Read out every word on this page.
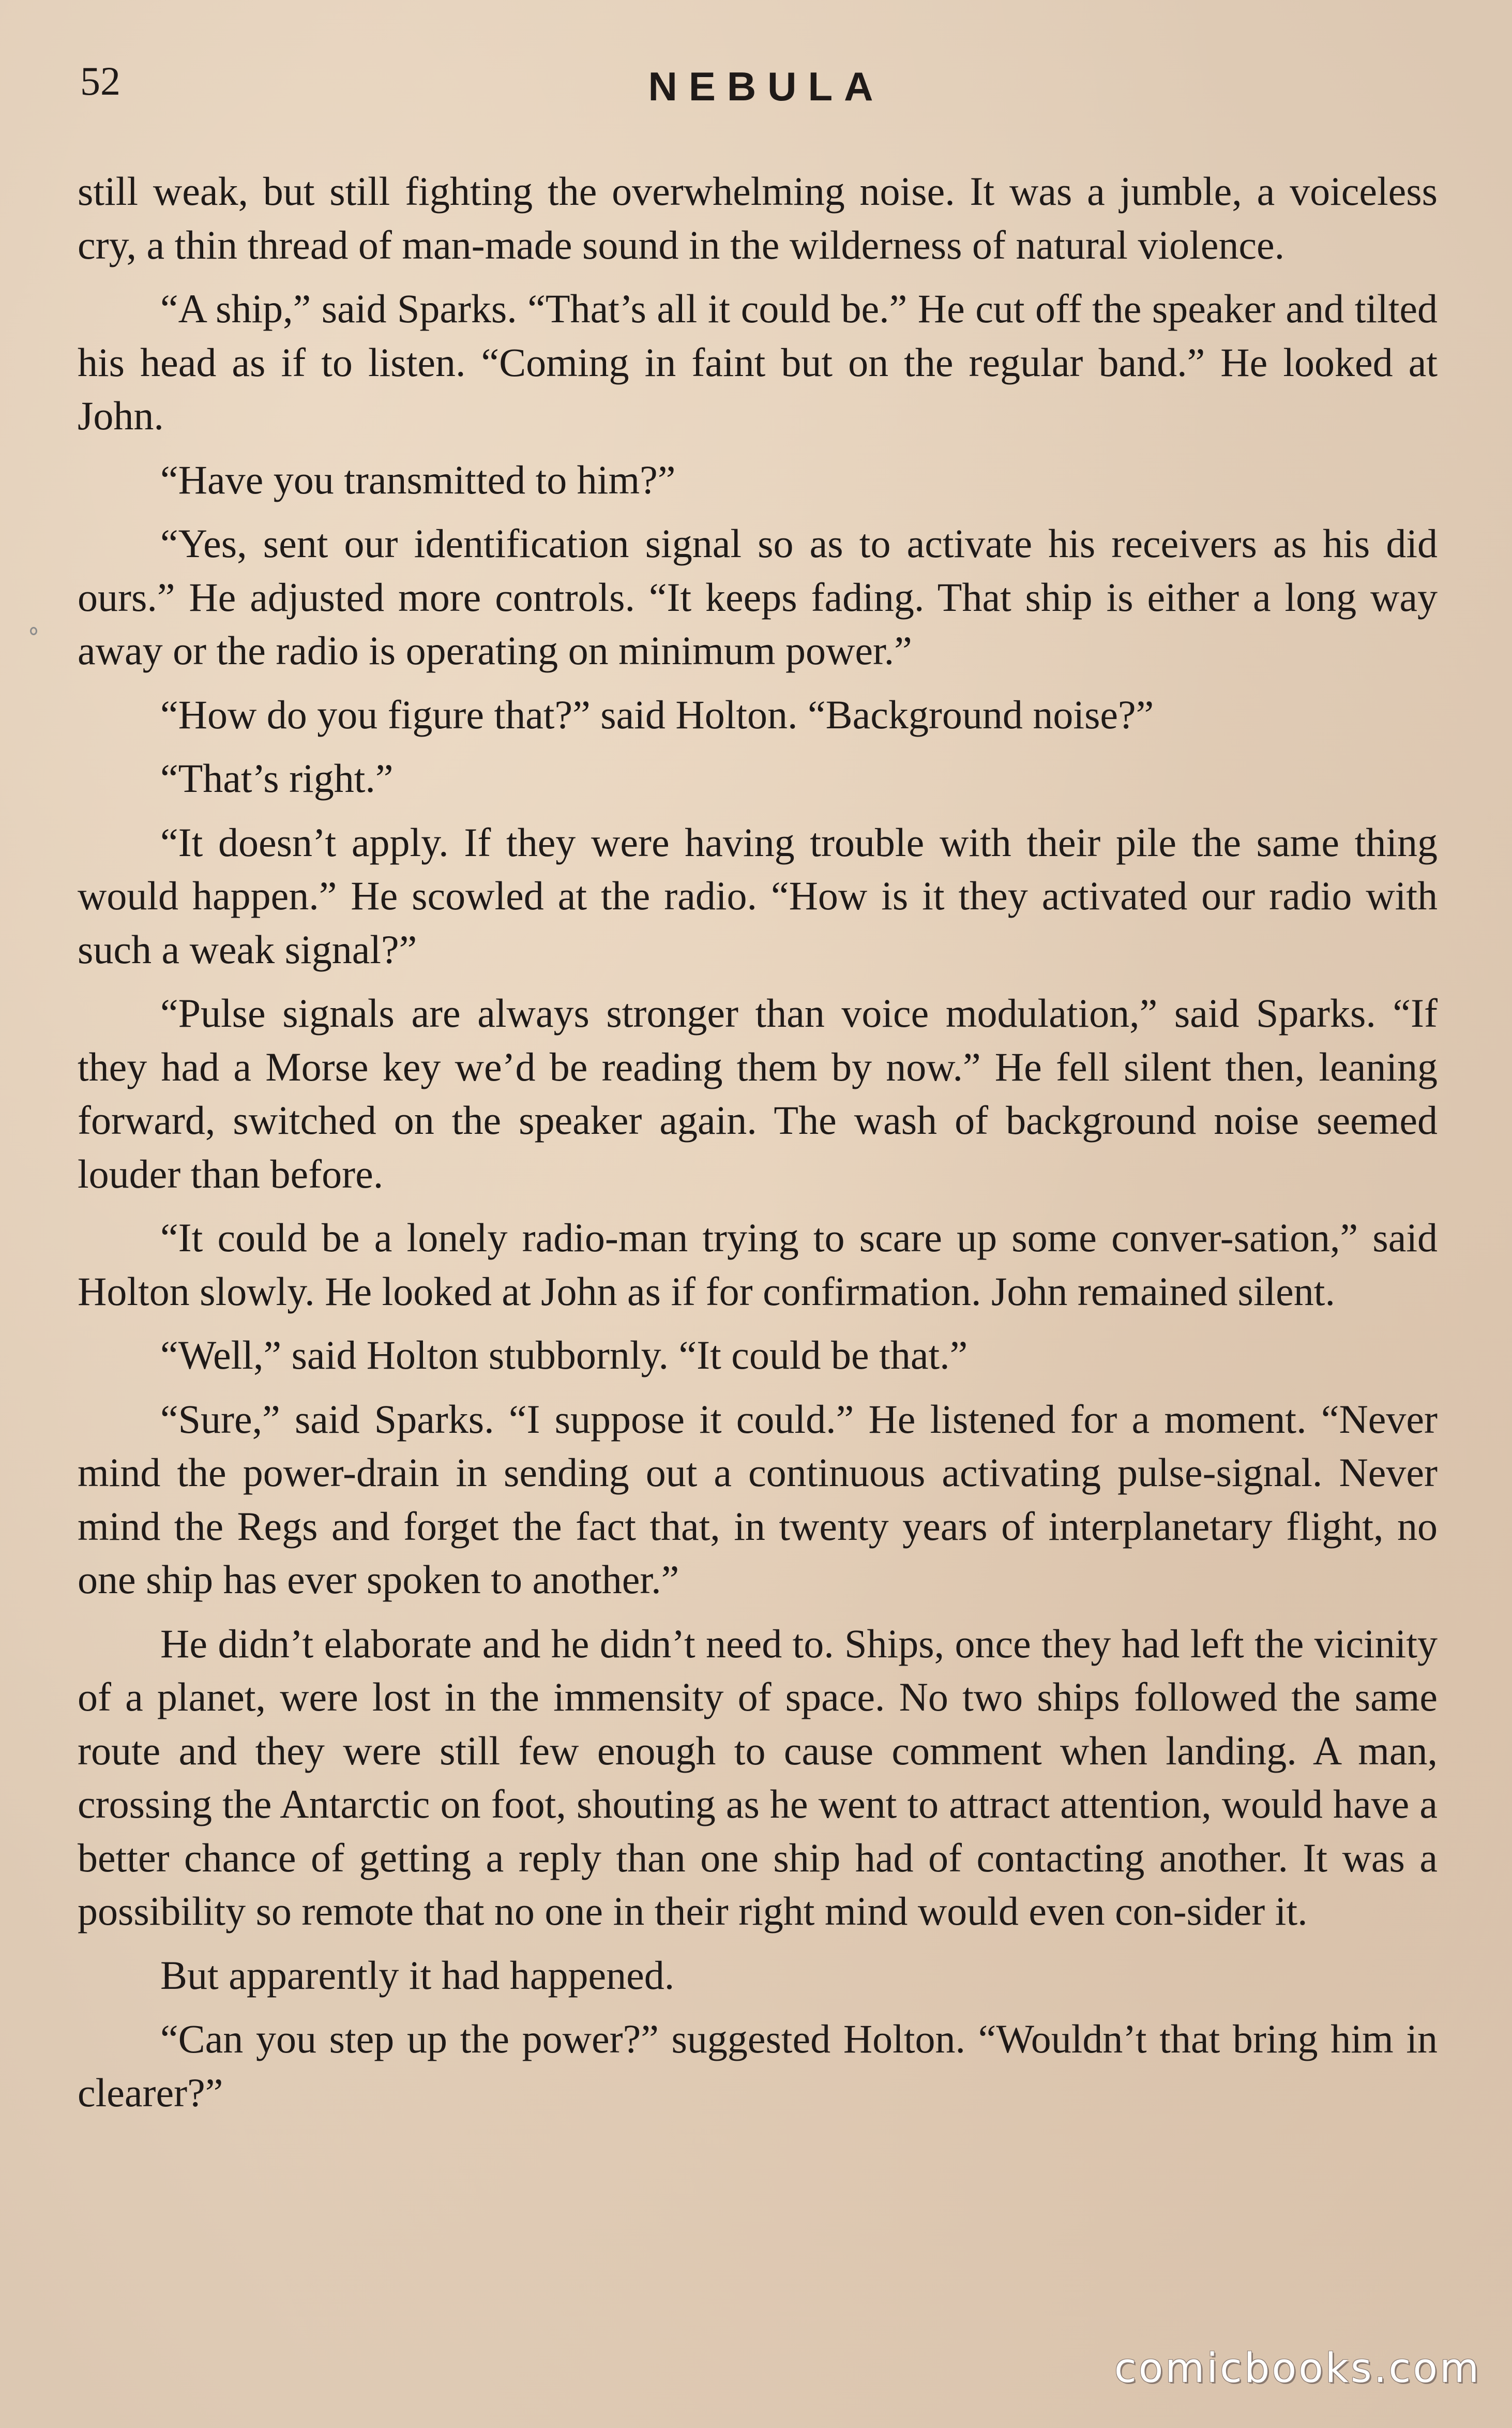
52	NEBULA

still weak, but still fighting the overwhelming noise. It was a jumble, a voiceless cry, a thin thread of man-made sound in the wilderness of natural violence.

“A ship,” said Sparks. “That’s all it could be.” He cut off the speaker and tilted his head as if to listen. “Coming in faint but on the regular band.” He looked at John.

“Have you transmitted to him?”

“Yes, sent our identification signal so as to activate his receivers as his did ours.” He adjusted more controls. “It keeps fading. That ship is either a long way away or the radio is operating on minimum power.”

“How do you figure that?” said Holton. “Background noise?”

“That’s right.”

“It doesn’t apply. If they were having trouble with their pile the same thing would happen.” He scowled at the radio. “How is it they activated our radio with such a weak signal?”

“Pulse signals are always stronger than voice modulation,” said Sparks. “If they had a Morse key we’d be reading them by now.” He fell silent then, leaning forward, switched on the speaker again. The wash of background noise seemed louder than before.

“It could be a lonely radio-man trying to scare up some conver-sation,” said Holton slowly. He looked at John as if for confirmation. John remained silent.

“Well,” said Holton stubbornly. “It could be that.”

“Sure,” said Sparks. “I suppose it could.” He listened for a moment. “Never mind the power-drain in sending out a continuous activating pulse-signal. Never mind the Regs and forget the fact that, in twenty years of interplanetary flight, no one ship has ever spoken to another.”

He didn’t elaborate and he didn’t need to. Ships, once they had left the vicinity of a planet, were lost in the immensity of space. No two ships followed the same route and they were still few enough to cause comment when landing. A man, crossing the Antarctic on foot, shouting as he went to attract attention, would have a better chance of getting a reply than one ship had of contacting another. It was a possibility so remote that no one in their right mind would even con-sider it.

But apparently it had happened.

“Can you step up the power?” suggested Holton. “Wouldn’t that bring him in clearer?”

comicbooks.com
